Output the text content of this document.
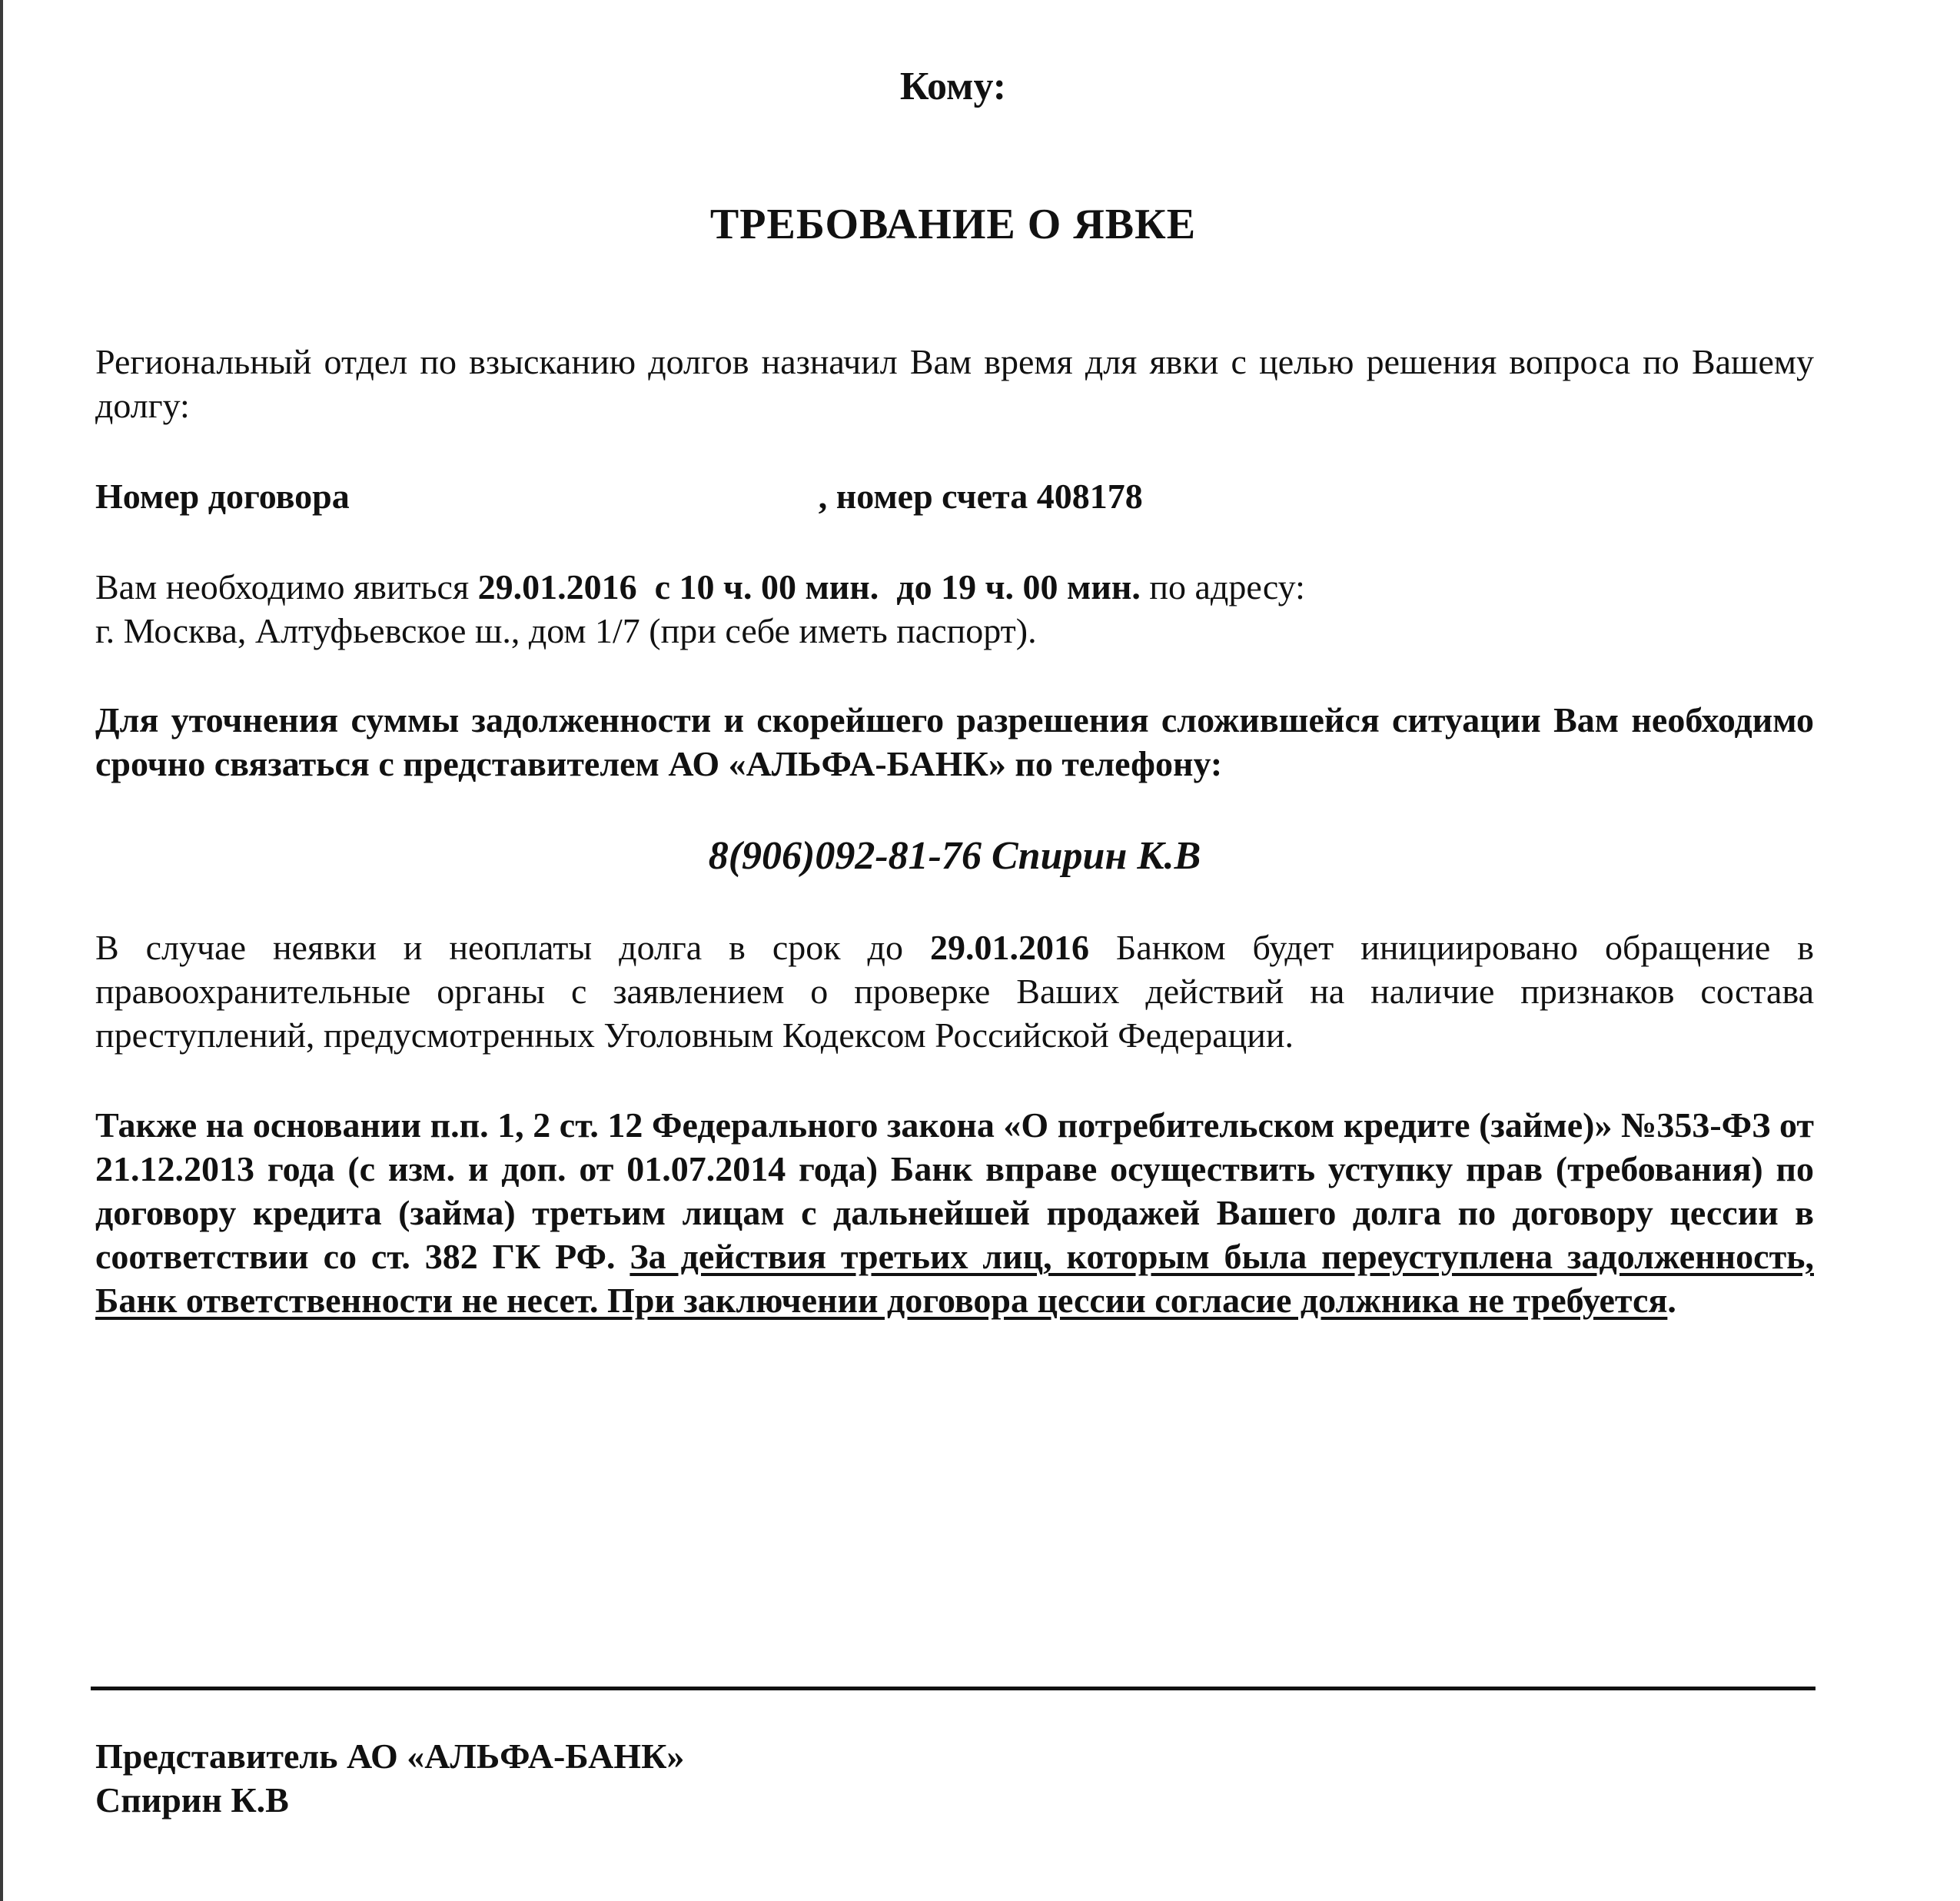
Кому:
ТРЕБОВАНИЕ О ЯВКЕ
Региональный отдел по взысканию долгов назначил Вам время для явки с целью решения вопроса по Вашему долгу:
Номер договора	, номер счета 408178
Вам необходимо явиться 29.01.2016 с 10 ч. 00 мин. до 19 ч. 00 мин. по адресу:
г. Москва, Алтуфьевское ш., дом 1/7 (при себе иметь паспорт).
Для уточнения суммы задолженности и скорейшего разрешения сложившейся ситуации Вам необходимо срочно связаться с представителем АО «АЛЬФА-БАНК» по телефону:
8(906)092-81-76 Спирин К.В
В случае неявки и неоплаты долга в срок до 29.01.2016 Банком будет инициировано обращение в правоохранительные органы с заявлением о проверке Ваших действий на наличие признаков состава преступлений, предусмотренных Уголовным Кодексом Российской Федерации.
Также на основании п.п. 1, 2 ст. 12 Федерального закона «О потребительском кредите (займе)» №353-ФЗ от 21.12.2013 года (с изм. и доп. от 01.07.2014 года) Банк вправе осуществить уступку прав (требования) по договору кредита (займа) третьим лицам с дальнейшей продажей Вашего долга по договору цессии в соответствии со ст. 382 ГК РФ. За действия третьих лиц, которым была переуступлена задолженность, Банк ответственности не несет. При заключении договора цессии согласие должника не требуется.
Представитель АО «АЛЬФА-БАНК»
Спирин К.В
